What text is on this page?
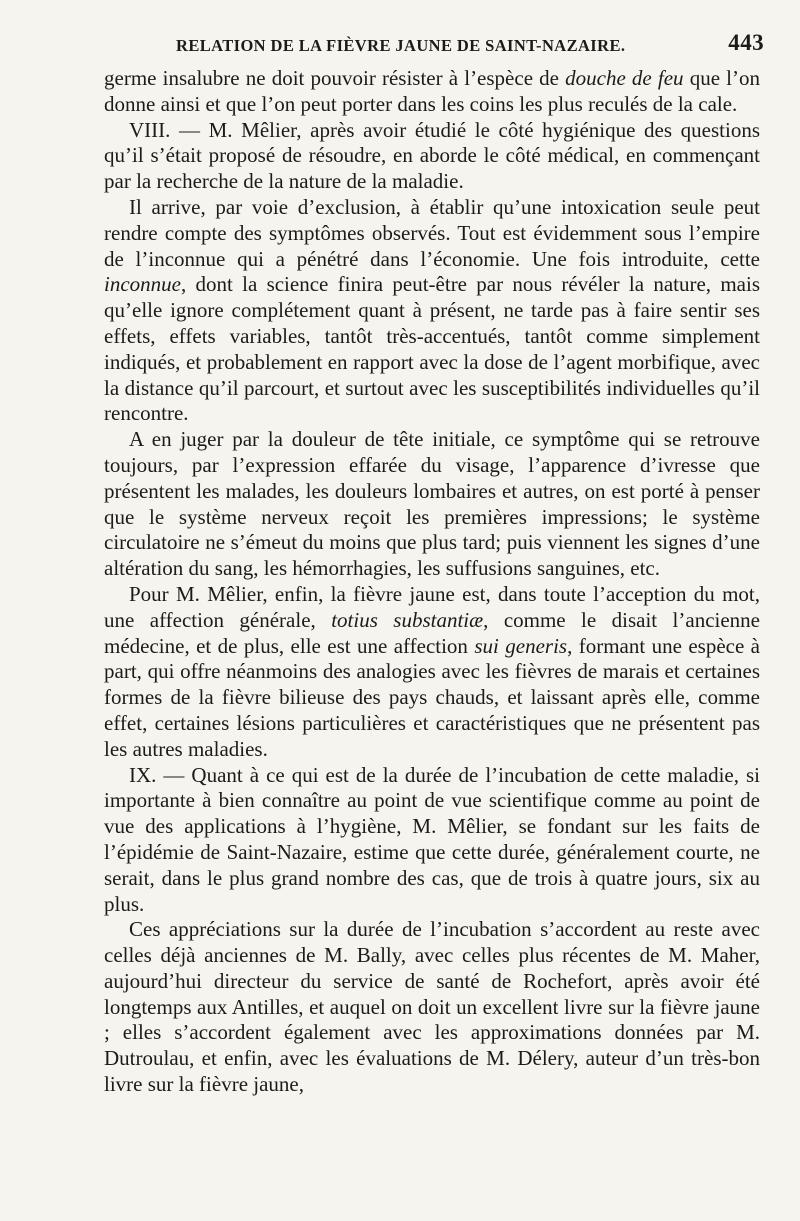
RELATION DE LA FIÈVRE JAUNE DE SAINT-NAZAIRE.	443

germe insalubre ne doit pouvoir résister à l’espèce de douche de feu que l’on donne ainsi et que l’on peut porter dans les coins les plus reculés de la cale.

VIII. — M. Mêlier, après avoir étudié le côté hygiénique des questions qu’il s’était proposé de résoudre, en aborde le côté médical, en commençant par la recherche de la nature de la maladie.

Il arrive, par voie d’exclusion, à établir qu’une intoxication seule peut rendre compte des symptômes observés. Tout est évidemment sous l’empire de l’inconnue qui a pénétré dans l’économie. Une fois introduite, cette inconnue, dont la science finira peut-être par nous révéler la nature, mais qu’elle ignore complétement quant à présent, ne tarde pas à faire sentir ses effets, effets variables, tantôt très-accentués, tantôt comme simplement indiqués, et probablement en rapport avec la dose de l’agent morbifique, avec la distance qu’il parcourt, et surtout avec les susceptibilités individuelles qu’il rencontre.

A en juger par la douleur de tête initiale, ce symptôme qui se retrouve toujours, par l’expression effarée du visage, l’apparence d’ivresse que présentent les malades, les douleurs lombaires et autres, on est porté à penser que le système nerveux reçoit les premières impressions; le système circulatoire ne s’émeut du moins que plus tard; puis viennent les signes d’une altération du sang, les hémorrhagies, les suffusions sanguines, etc.

Pour M. Mêlier, enfin, la fièvre jaune est, dans toute l’acception du mot, une affection générale, totius substantiæ, comme le disait l’ancienne médecine, et de plus, elle est une affection sui generis, formant une espèce à part, qui offre néanmoins des analogies avec les fièvres de marais et certaines formes de la fièvre bilieuse des pays chauds, et laissant après elle, comme effet, certaines lésions particulières et caractéristiques que ne présentent pas les autres maladies.

IX. — Quant à ce qui est de la durée de l’incubation de cette maladie, si importante à bien connaître au point de vue scientifique comme au point de vue des applications à l’hygiène, M. Mêlier, se fondant sur les faits de l’épidémie de Saint-Nazaire, estime que cette durée, généralement courte, ne serait, dans le plus grand nombre des cas, que de trois à quatre jours, six au plus.

Ces appréciations sur la durée de l’incubation s’accordent au reste avec celles déjà anciennes de M. Bally, avec celles plus récentes de M. Maher, aujourd’hui directeur du service de santé de Rochefort, après avoir été longtemps aux Antilles, et auquel on doit un excellent livre sur la fièvre jaune ; elles s’accordent également avec les approximations données par M. Dutroulau, et enfin, avec les évaluations de M. Délery, auteur d’un très-bon livre sur la fièvre jaune,
